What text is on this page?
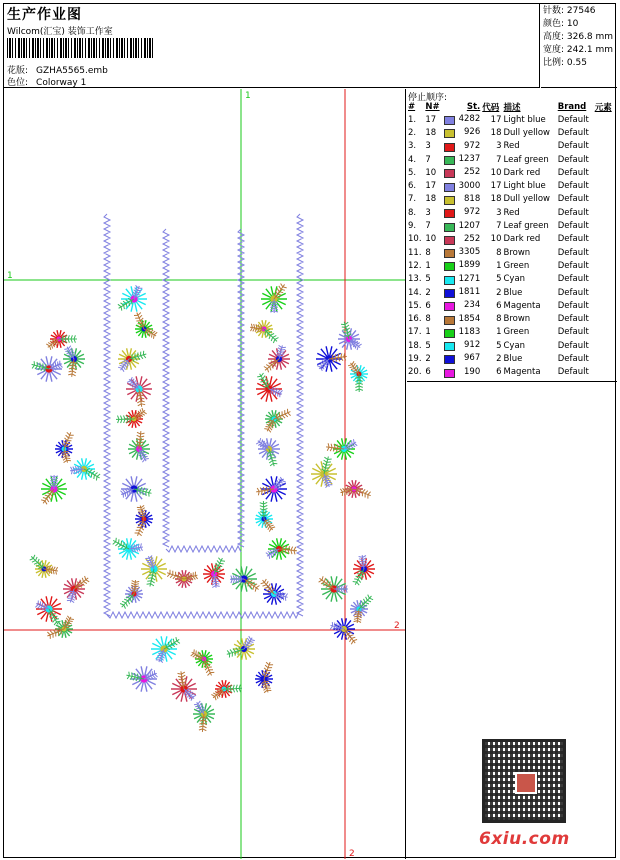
生产作业图
Wilcom(汇宝) 装饰工作室
花版: GZHA5565.emb
色位: Colorway 1
针数: 27546
颜色: 10
高度: 326.8 mm
宽度: 242.1 mm
比例: 0.55
1
1
2
2
停止顺序:
#	N#	St.	代码	描述	Brand	元素
1.	17	4282	17	Light blue	Default	
2.	18	926	18	Dull yellow	Default	
3.	3	972	3	Red	Default	
4.	7	1237	7	Leaf green	Default	
5.	10	252	10	Dark red	Default	
6.	17	3000	17	Light blue	Default	
7.	18	818	18	Dull yellow	Default	
8.	3	972	3	Red	Default	
9.	7	1207	7	Leaf green	Default	
10.	10	252	10	Dark red	Default	
11.	8	3305	8	Brown	Default	
12.	1	1899	1	Green	Default	
13.	5	1271	5	Cyan	Default	
14.	2	1811	2	Blue	Default	
15.	6	234	6	Magenta	Default	
16.	8	1854	8	Brown	Default	
17.	1	1183	1	Green	Default	
18.	5	912	5	Cyan	Default	
19.	2	967	2	Blue	Default	
20.	6	190	6	Magenta	Default	
6xiu.com
